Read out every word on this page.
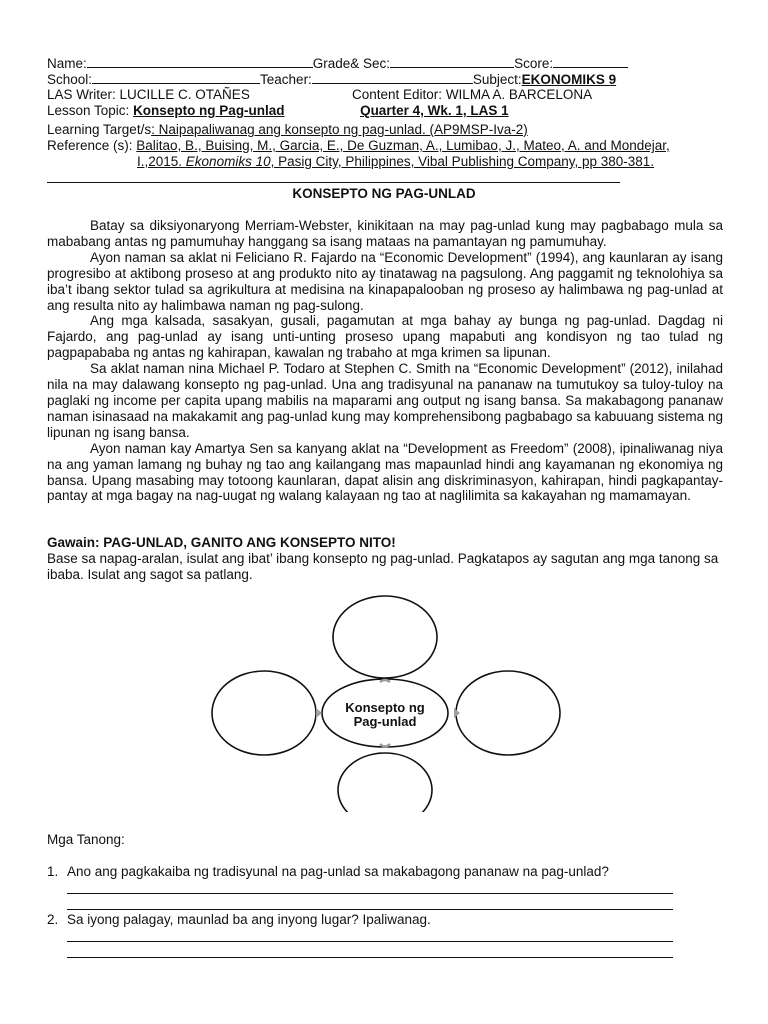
Name:	Grade& Sec:	Score:
School:	Teacher:	Subject:EKONOMIKS 9
LAS Writer: LUCILLE C. OTAÑES	Content Editor: WILMA A. BARCELONA
Lesson Topic: Konsepto ng Pag-unlad	Quarter 4, Wk. 1, LAS 1
Learning Target/s: Naipapaliwanag ang konsepto ng pag-unlad. (AP9MSP-Iva-2)
Reference (s): Balitao, B., Buising, M., Garcia, E., De Guzman, A., Lumibao, J., Mateo, A. and Mondejar,
I.,2015. Ekonomiks 10, Pasig City, Philippines, Vibal Publishing Company, pp 380-381.
KONSEPTO NG PAG-UNLAD

Batay sa diksiyonaryong Merriam-Webster, kinikitaan na may pag-unlad kung may pagbabago mula sa mababang antas ng pamumuhay hanggang sa isang mataas na pamantayan ng pamumuhay.

Ayon naman sa aklat ni Feliciano R. Fajardo na “Economic Development” (1994), ang kaunlaran ay isang progresibo at aktibong proseso at ang produkto nito ay tinatawag na pagsulong. Ang paggamit ng teknolohiya sa iba’t ibang sektor tulad sa agrikultura at medisina na kinapapalooban ng proseso ay halimbawa ng pag-unlad at ang resulta nito ay halimbawa naman ng pag-sulong.

Ang mga kalsada, sasakyan, gusali, pagamutan at mga bahay ay bunga ng pag-unlad. Dagdag ni Fajardo, ang pag-unlad ay isang unti-unting proseso upang mapabuti ang kondisyon ng tao tulad ng pagpapababa ng antas ng kahirapan, kawalan ng trabaho at mga krimen sa lipunan.

Sa aklat naman nina Michael P. Todaro at Stephen C. Smith na “Economic Development” (2012), inilahad nila na may dalawang konsepto ng pag-unlad. Una ang tradisyunal na pananaw na tumutukoy sa tuloy-tuloy na paglaki ng income per capita upang mabilis na maparami ang output ng isang bansa. Sa makabagong pananaw naman isinasaad na makakamit ang pag-unlad kung may komprehensibong pagbabago sa kabuuang sistema ng lipunan ng isang bansa.

Ayon naman kay Amartya Sen sa kanyang aklat na “Development as Freedom” (2008), ipinaliwanag niya na ang yaman lamang ng buhay ng tao ang kailangang mas mapaunlad hindi ang kayamanan ng ekonomiya ng bansa. Upang masabing may totoong kaunlaran, dapat alisin ang diskriminasyon, kahirapan, hindi pagkapantay-pantay at mga bagay na nag-uugat ng walang kalayaan ng tao at naglilimita sa kakayahan ng mamamayan.

Gawain: PAG-UNLAD, GANITO ANG KONSEPTO NITO!

Base sa napag-aralan, isulat ang ibat’ ibang konsepto ng pag-unlad. Pagkatapos ay sagutan ang mga tanong sa ibaba. Isulat ang sagot sa patlang.

Konsepto ng
Pag-unlad
Mga Tanong:
1. Ano ang pagkakaiba ng tradisyunal na pag-unlad sa makabagong pananaw na pag-unlad?
2. Sa iyong palagay, maunlad ba ang inyong lugar? Ipaliwanag.
